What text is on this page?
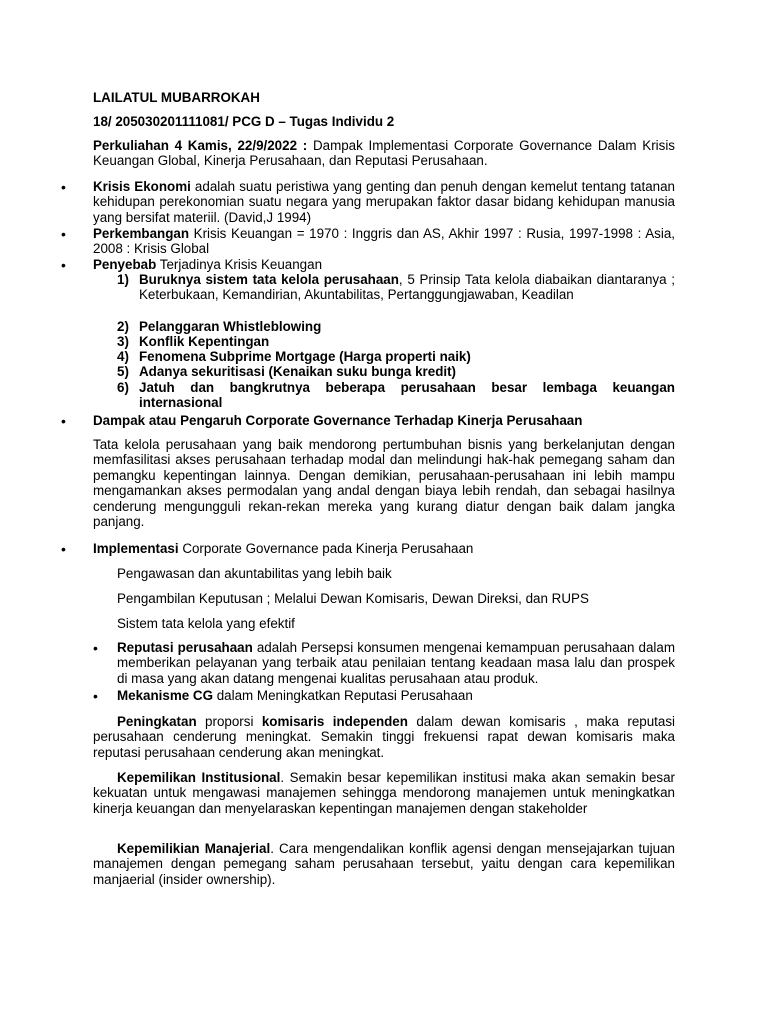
LAILATUL MUBARROKAH

18/ 205030201111081/ PCG D – Tugas Individu 2

Perkuliahan 4 Kamis, 22/9/2022 : Dampak Implementasi Corporate Governance Dalam Krisis Keuangan Global, Kinerja Perusahaan, dan Reputasi Perusahaan.

• Krisis Ekonomi adalah suatu peristiwa yang genting dan penuh dengan kemelut tentang tatanan kehidupan perekonomian suatu negara yang merupakan faktor dasar bidang kehidupan manusia yang bersifat materiil. (David,J 1994)

• Perkembangan Krisis Keuangan = 1970 : Inggris dan AS, Akhir 1997 : Rusia, 1997-1998 : Asia, 2008 : Krisis Global

• Penyebab Terjadinya Krisis Keuangan

1) Buruknya sistem tata kelola perusahaan, 5 Prinsip Tata kelola diabaikan diantaranya ; Keterbukaan, Kemandirian, Akuntabilitas, Pertanggungjawaban, Keadilan

2) Pelanggaran Whistleblowing

3) Konflik Kepentingan

4) Fenomena Subprime Mortgage (Harga properti naik)

5) Adanya sekuritisasi (Kenaikan suku bunga kredit)

6) Jatuh dan bangkrutnya beberapa perusahaan besar lembaga keuangan internasional

• Dampak atau Pengaruh Corporate Governance Terhadap Kinerja Perusahaan

Tata kelola perusahaan yang baik mendorong pertumbuhan bisnis yang berkelanjutan dengan memfasilitasi akses perusahaan terhadap modal dan melindungi hak-hak pemegang saham dan pemangku kepentingan lainnya. Dengan demikian, perusahaan-perusahaan ini lebih mampu mengamankan akses permodalan yang andal dengan biaya lebih rendah, dan sebagai hasilnya cenderung mengungguli rekan-rekan mereka yang kurang diatur dengan baik dalam jangka panjang.

• Implementasi Corporate Governance pada Kinerja Perusahaan

Pengawasan dan akuntabilitas yang lebih baik

Pengambilan Keputusan ; Melalui Dewan Komisaris, Dewan Direksi, dan RUPS

Sistem tata kelola yang efektif

• Reputasi perusahaan adalah Persepsi konsumen mengenai kemampuan perusahaan dalam memberikan pelayanan yang terbaik atau penilaian tentang keadaan masa lalu dan prospek di masa yang akan datang mengenai kualitas perusahaan atau produk.

• Mekanisme CG dalam Meningkatkan Reputasi Perusahaan

Peningkatan proporsi komisaris independen dalam dewan komisaris , maka reputasi perusahaan cenderung meningkat. Semakin tinggi frekuensi rapat dewan komisaris maka reputasi perusahaan cenderung akan meningkat.

Kepemilikan Institusional. Semakin besar kepemilikan institusi maka akan semakin besar kekuatan untuk mengawasi manajemen sehingga mendorong manajemen untuk meningkatkan kinerja keuangan dan menyelaraskan kepentingan manajemen dengan stakeholder

Kepemilikian Manajerial. Cara mengendalikan konflik agensi dengan mensejajarkan tujuan manajemen dengan pemegang saham perusahaan tersebut, yaitu dengan cara kepemilikan manjaerial (insider ownership).
